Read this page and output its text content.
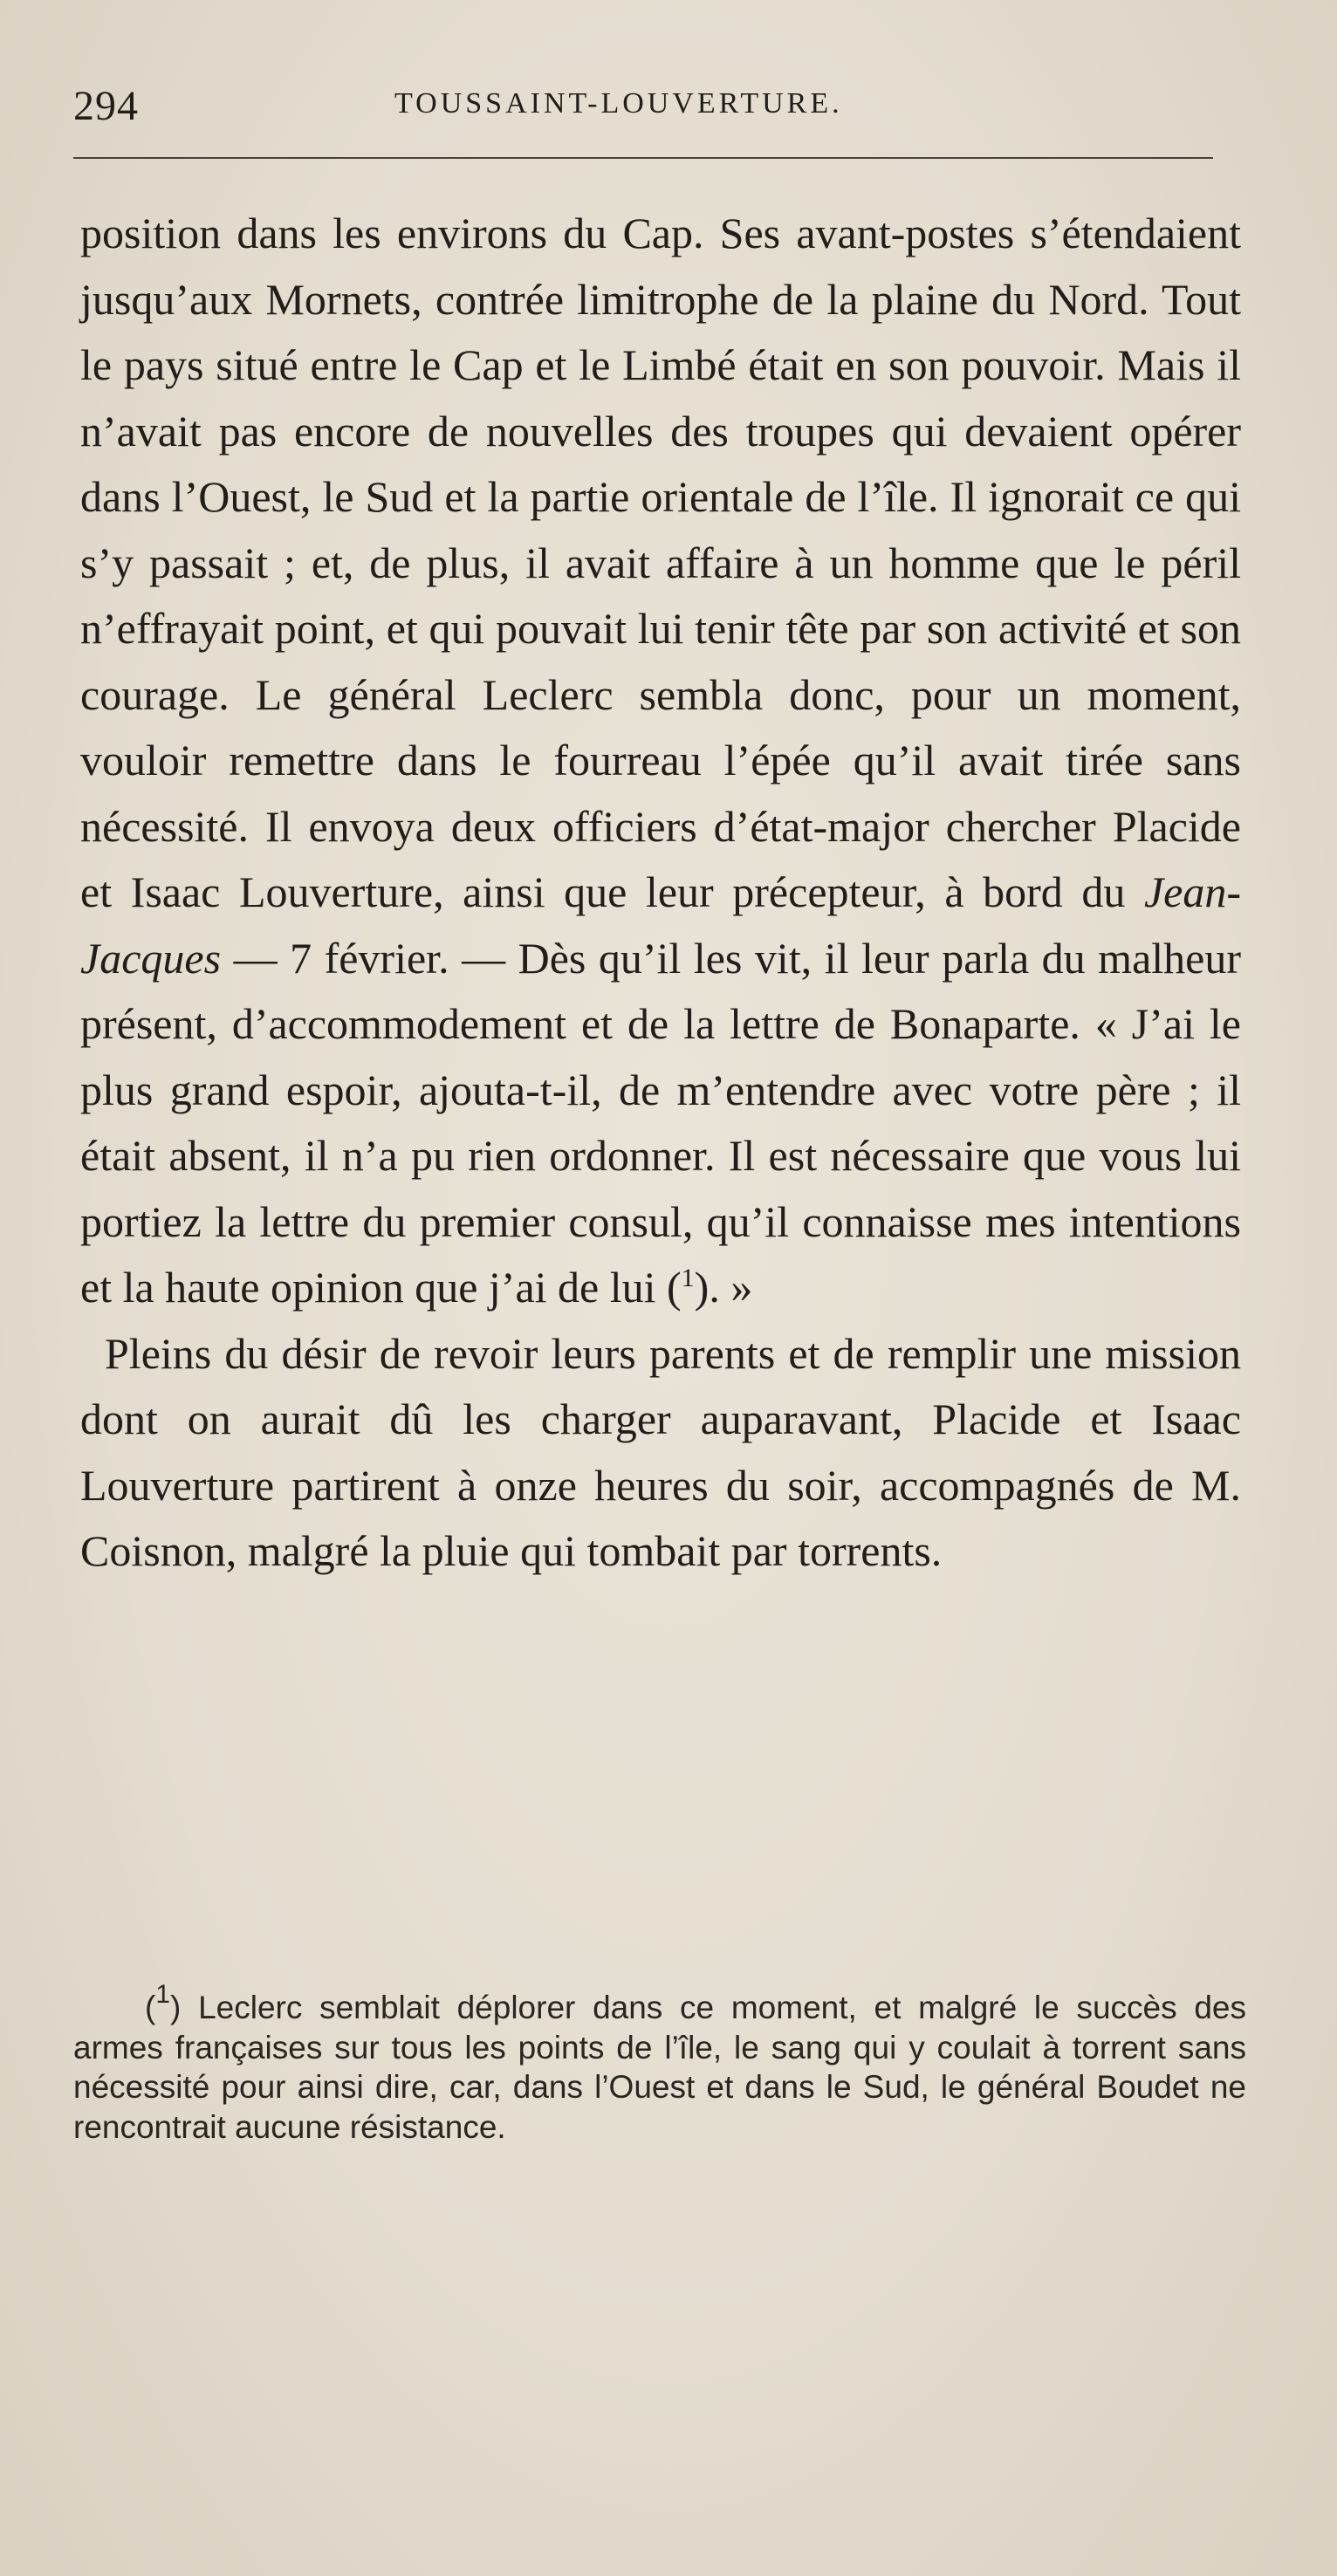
294	TOUSSAINT-LOUVERTURE.

position dans les environs du Cap. Ses avant-postes s’étendaient jusqu’aux Mornets, contrée limitrophe de la plaine du Nord. Tout le pays situé entre le Cap et le Limbé était en son pouvoir. Mais il n’avait pas encore de nouvelles des troupes qui devaient opérer dans l’Ouest, le Sud et la partie orientale de l’île. Il ignorait ce qui s’y passait ; et, de plus, il avait affaire à un homme que le péril n’effrayait point, et qui pouvait lui tenir tête par son activité et son courage. Le général Leclerc sembla donc, pour un moment, vouloir remettre dans le fourreau l’épée qu’il avait tirée sans nécessité. Il envoya deux officiers d’état-major chercher Placide et Isaac Louverture, ainsi que leur précepteur, à bord du Jean-Jacques — 7 février. — Dès qu’il les vit, il leur parla du malheur présent, d’accommodement et de la lettre de Bonaparte. « J’ai le plus grand espoir, ajouta-t-il, de m’entendre avec votre père ; il était absent, il n’a pu rien ordonner. Il est nécessaire que vous lui portiez la lettre du premier consul, qu’il connaisse mes intentions et la haute opinion que j’ai de lui ($^1$). »

Pleins du désir de revoir leurs parents et de remplir une mission dont on aurait dû les charger auparavant, Placide et Isaac Louverture partirent à onze heures du soir, accompagnés de M. Coisnon, malgré la pluie qui tombait par torrents.

($^1$) Leclerc semblait déplorer dans ce moment, et malgré le succès des armes françaises sur tous les points de l’île, le sang qui y coulait à torrent sans nécessité pour ainsi dire, car, dans l’Ouest et dans le Sud, le général Boudet ne rencontrait aucune résistance.
